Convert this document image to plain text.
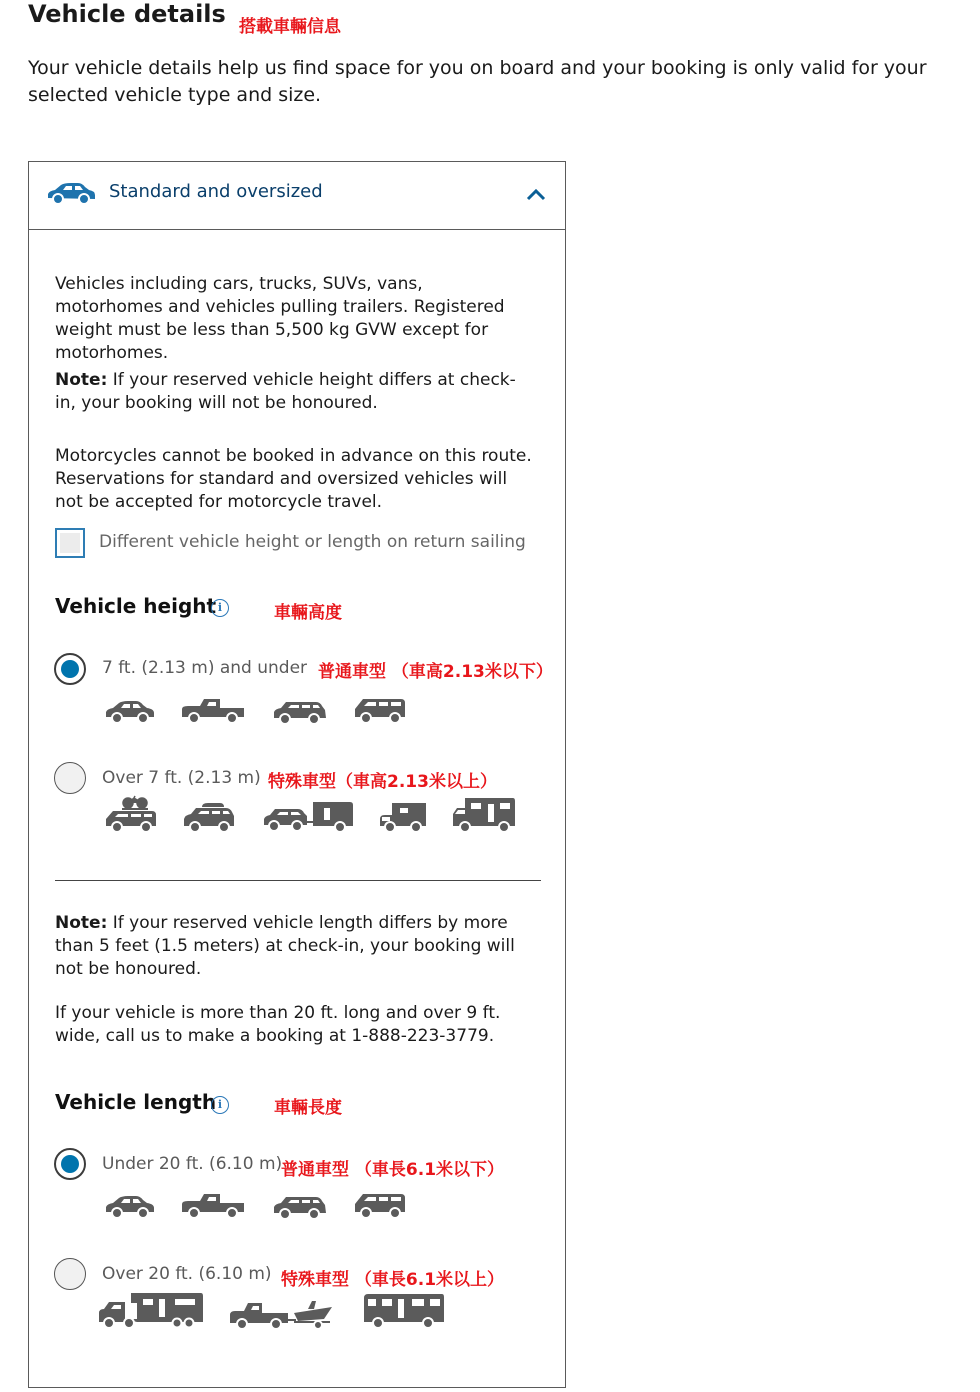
Vehicle details 搭載車輛信息
Your vehicle details help us find space for you on board and your booking is only valid for your selected vehicle type and size.
Standard and oversized
Vehicles including cars, trucks, SUVs, vans, motorhomes and vehicles pulling trailers. Registered weight must be less than 5,500 kg GVW except for motorhomes.
Note: If your reserved vehicle height differs at check-in, your booking will not be honoured.
Motorcycles cannot be booked in advance on this route. Reservations for standard and oversized vehicles will not be accepted for motorcycle travel.
Different vehicle height or length on return sailing
Vehicle height i	車輛高度
7 ft. (2.13 m) and under 普通車型 （車高2.13米以下）
Over 7 ft. (2.13 m) 特殊車型（車高2.13米以上）
Note: If your reserved vehicle length differs by more than 5 feet (1.5 meters) at check-in, your booking will not be honoured.
If your vehicle is more than 20 ft. long and over 9 ft. wide, call us to make a booking at 1-888-223-3779.
Vehicle length i	車輛長度
Under 20 ft. (6.10 m)
普通車型 （車長6.1米以下）
Over 20 ft. (6.10 m) 特殊車型 （車長6.1米以上）
